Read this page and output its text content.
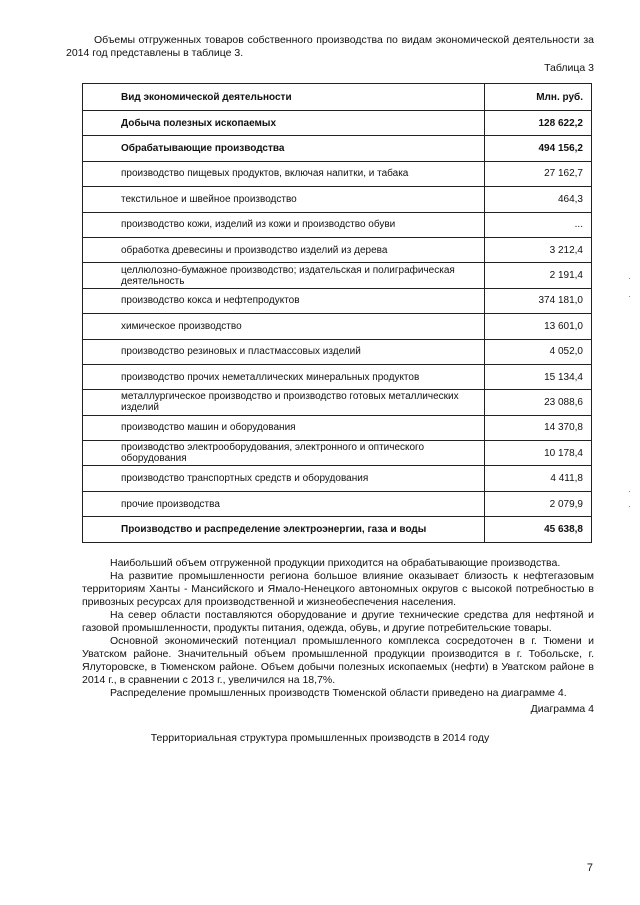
Объемы отгруженных товаров собственного производства по видам экономической деятельности за 2014 год представлены в таблице 3.
Таблица 3
Вид экономической деятельности	Млн. руб.
Добыча полезных ископаемых	128 622,2
Обрабатывающие производства	494 156,2
производство пищевых продуктов, включая напитки, и табака	27 162,7
текстильное и швейное производство	464,3
производство кожи, изделий из кожи и производство обуви	...
обработка древесины и производство изделий из дерева	3 212,4
целлюлозно-бумажное производство; издательская и полиграфическая деятельность	2 191,4
производство кокса и нефтепродуктов	374 181,0
химическое производство	13 601,0
производство резиновых и пластмассовых изделий	4 052,0
производство прочих неметаллических минеральных продуктов	15 134,4
металлургическое производство и производство готовых металлических изделий	23 088,6
производство машин и оборудования	14 370,8
производство электрооборудования, электронного и оптического оборудования	10 178,4
производство транспортных средств и оборудования	4 411,8
прочие производства	2 079,9
Производство и распределение электроэнергии, газа и воды	45 638,8

Наибольший объем отгруженной продукции приходится на обрабатывающие производства.

На развитие промышленности региона большое влияние оказывает близость к нефтегазовым территориям Ханты - Мансийского и Ямало-Ненецкого автономных округов с высокой потребностью в привозных ресурсах для производственной и жизнеобеспечения населения.

На север области поставляются оборудование и другие технические средства для нефтяной и газовой промышленности, продукты питания, одежда, обувь, и другие потребительские товары.

Основной экономический потенциал промышленного комплекса сосредоточен в г. Тюмени и Уватском районе. Значительный объем промышленной продукции производится в г. Тобольске, г. Ялуторовске, в Тюменском районе. Объем добычи полезных ископаемых (нефти) в Уватском районе в 2014 г., в сравнении с 2013 г., увеличился на 18,7%.

Распределение промышленных производств Тюменской области приведено на диаграмме 4.

Диаграмма 4
Территориальная структура промышленных производств в 2014 году
7
·
·
·
·
